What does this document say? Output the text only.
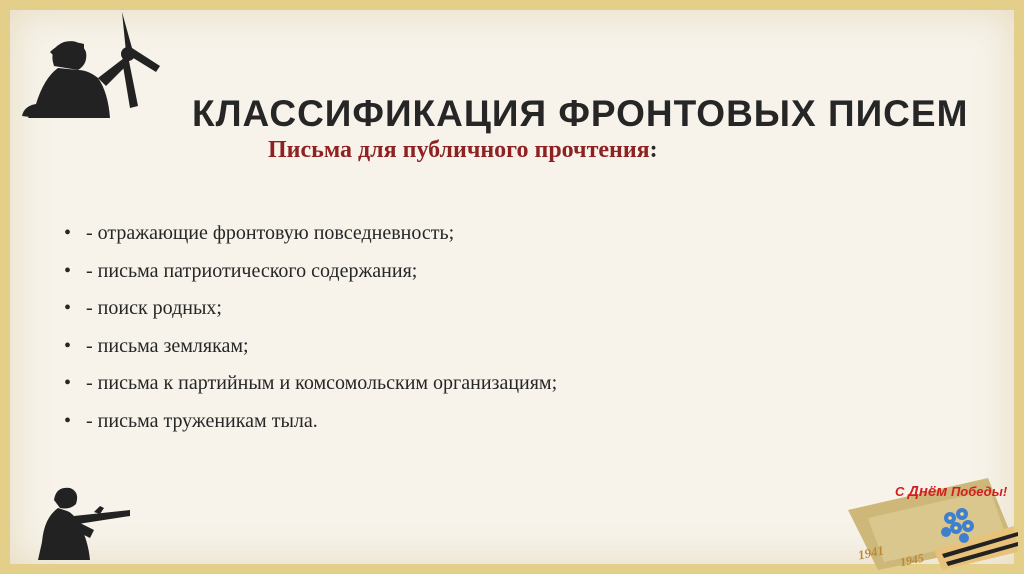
КЛАССИФИКАЦИЯ ФРОНТОВЫХ ПИСЕМ
Письма для публичного прочтения:
• - отражающие фронтовую повседневность;
• - письма патриотического содержания;
• - поиск родных;
• - письма землякам;
• - письма к партийным и комсомольским организациям;
• - письма труженикам тыла.
С Днём Победы!
1941 1945
